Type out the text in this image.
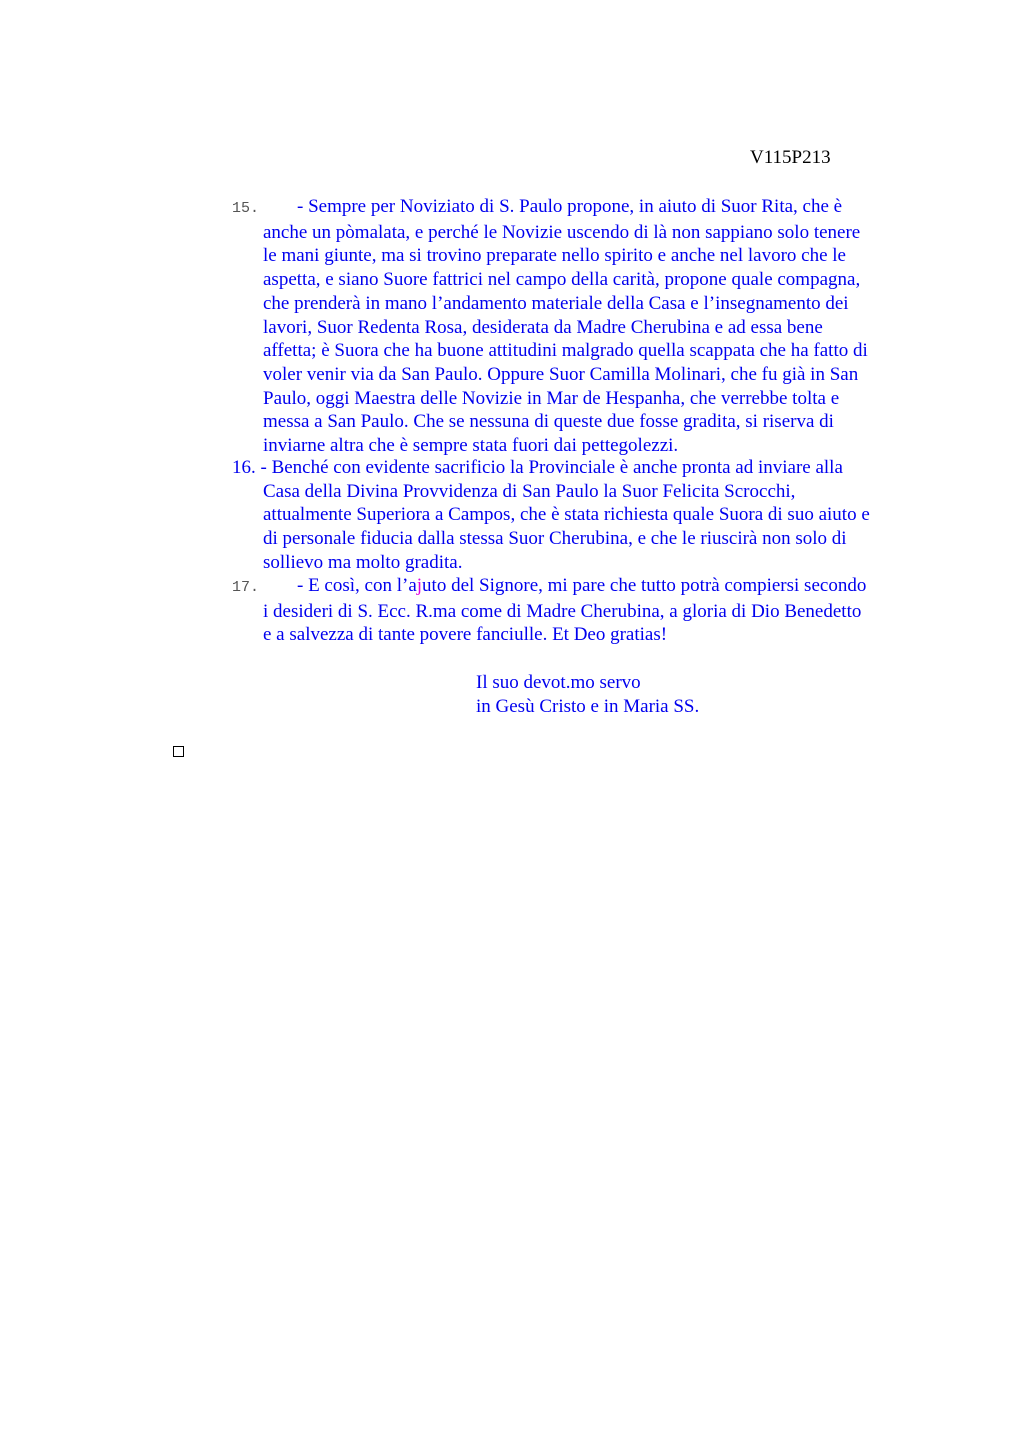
V115P213
15. - Sempre per Noviziato di S. Paulo propone, in aiuto di Suor Rita, che è
anche un pòmalata, e perché le Novizie uscendo di là non sappiano solo tenere
le mani giunte, ma si trovino preparate nello spirito e anche nel lavoro che le
aspetta, e siano Suore fattrici nel campo della carità, propone quale compagna,
che prenderà in mano l’andamento materiale della Casa e l’insegnamento dei
lavori, Suor Redenta Rosa, desiderata da Madre Cherubina e ad essa bene
affetta; è Suora che ha buone attitudini malgrado quella scappata che ha fatto di
voler venir via da San Paulo. Oppure Suor Camilla Molinari, che fu già in San
Paulo, oggi Maestra delle Novizie in Mar de Hespanha, che verrebbe tolta e
messa a San Paulo. Che se nessuna di queste due fosse gradita, si riserva di
inviarne altra che è sempre stata fuori dai pettegolezzi.
16. - Benché con evidente sacrificio la Provinciale è anche pronta ad inviare alla
Casa della Divina Provvidenza di San Paulo la Suor Felicita Scrocchi,
attualmente Superiora a Campos, che è stata richiesta quale Suora di suo aiuto e
di personale fiducia dalla stessa Suor Cherubina, e che le riuscirà non solo di
sollievo ma molto gradita.
17. - E così, con l’ajuto del Signore, mi pare che tutto potrà compiersi secondo
i desideri di S. Ecc. R.ma come di Madre Cherubina, a gloria di Dio Benedetto
e a salvezza di tante povere fanciulle. Et Deo gratias!
Il suo devot.mo servo
in Gesù Cristo e in Maria SS.
